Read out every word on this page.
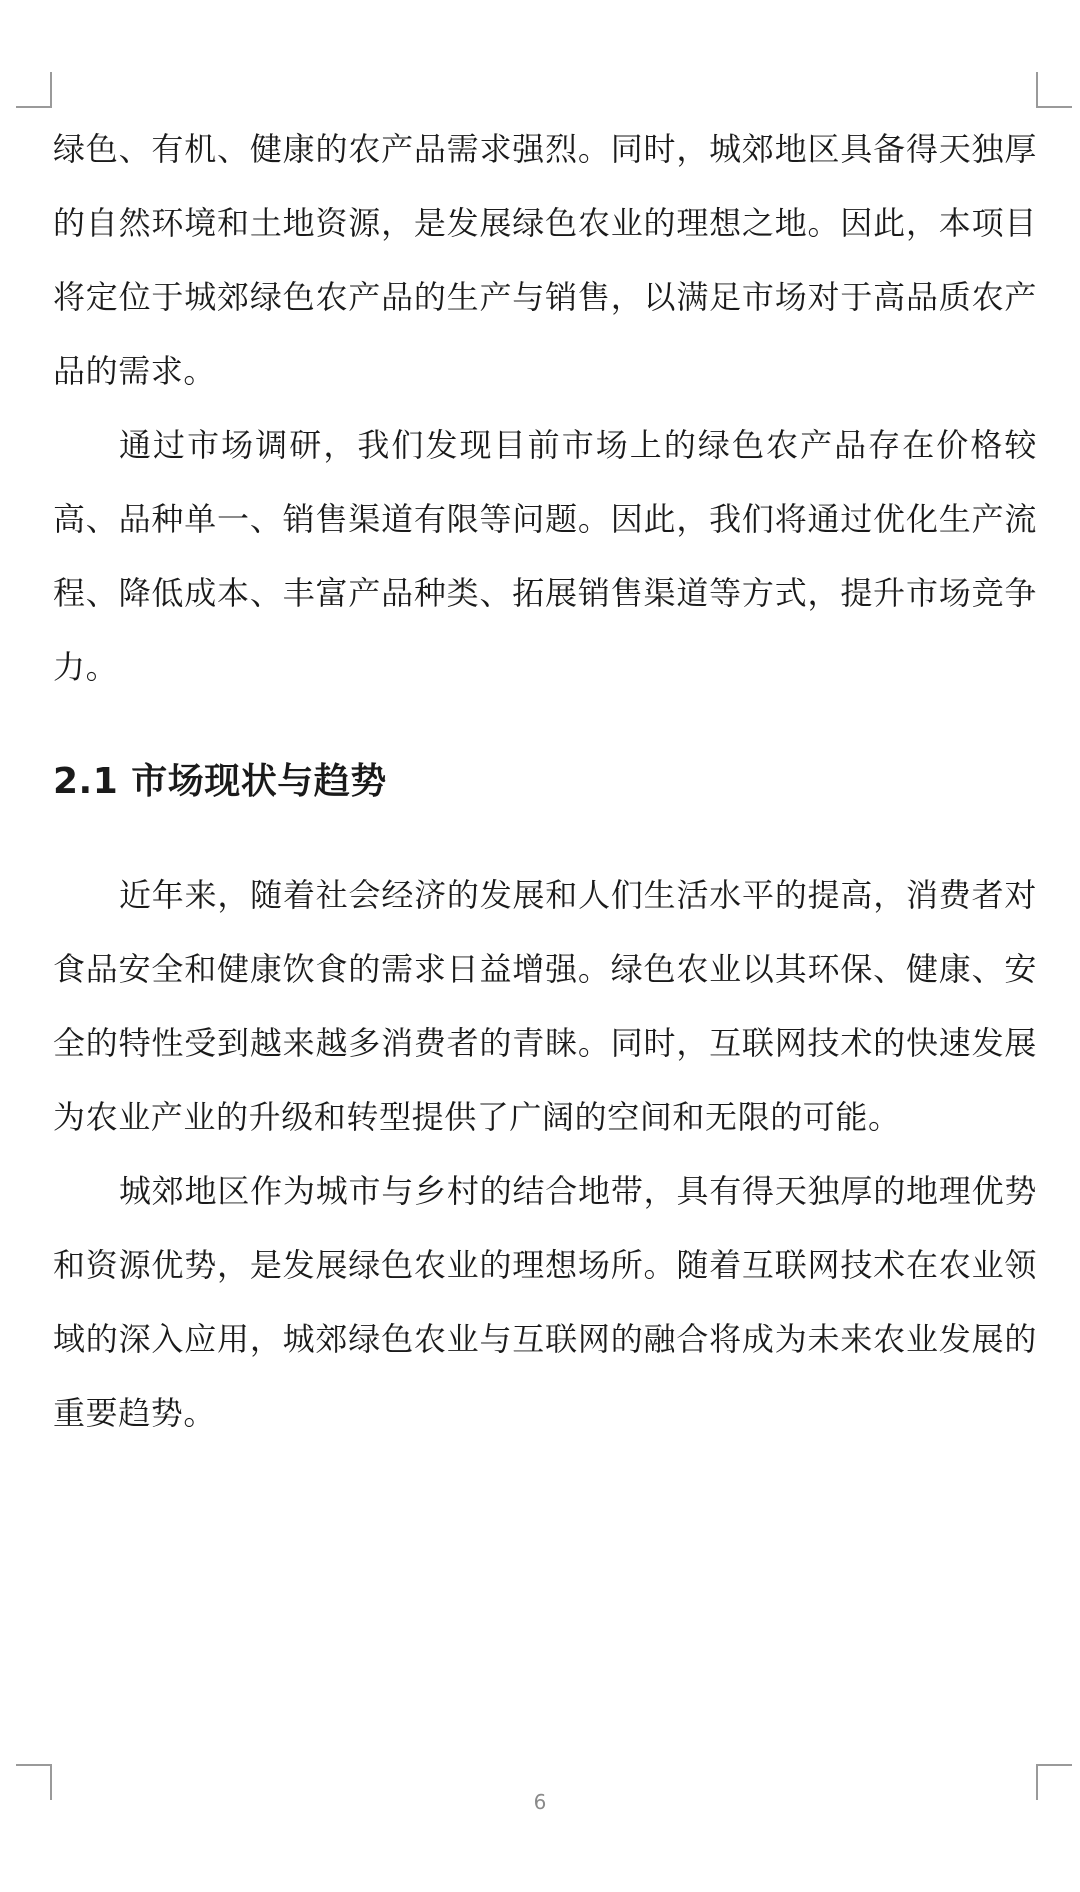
绿色、有机、健康的农产品需求强烈。同时，城郊地区具备得天独厚的自然环境和土地资源，是发展绿色农业的理想之地。因此，本项目将定位于城郊绿色农产品的生产与销售，以满足市场对于高品质农产品的需求。

通过市场调研，我们发现目前市场上的绿色农产品存在价格较高、品种单一、销售渠道有限等问题。因此，我们将通过优化生产流程、降低成本、丰富产品种类、拓展销售渠道等方式，提升市场竞争力。

2.1 市场现状与趋势

近年来，随着社会经济的发展和人们生活水平的提高，消费者对食品安全和健康饮食的需求日益增强。绿色农业以其环保、健康、安全的特性受到越来越多消费者的青睐。同时，互联网技术的快速发展为农业产业的升级和转型提供了广阔的空间和无限的可能。

城郊地区作为城市与乡村的结合地带，具有得天独厚的地理优势和资源优势，是发展绿色农业的理想场所。随着互联网技术在农业领域的深入应用，城郊绿色农业与互联网的融合将成为未来农业发展的重要趋势。

6
